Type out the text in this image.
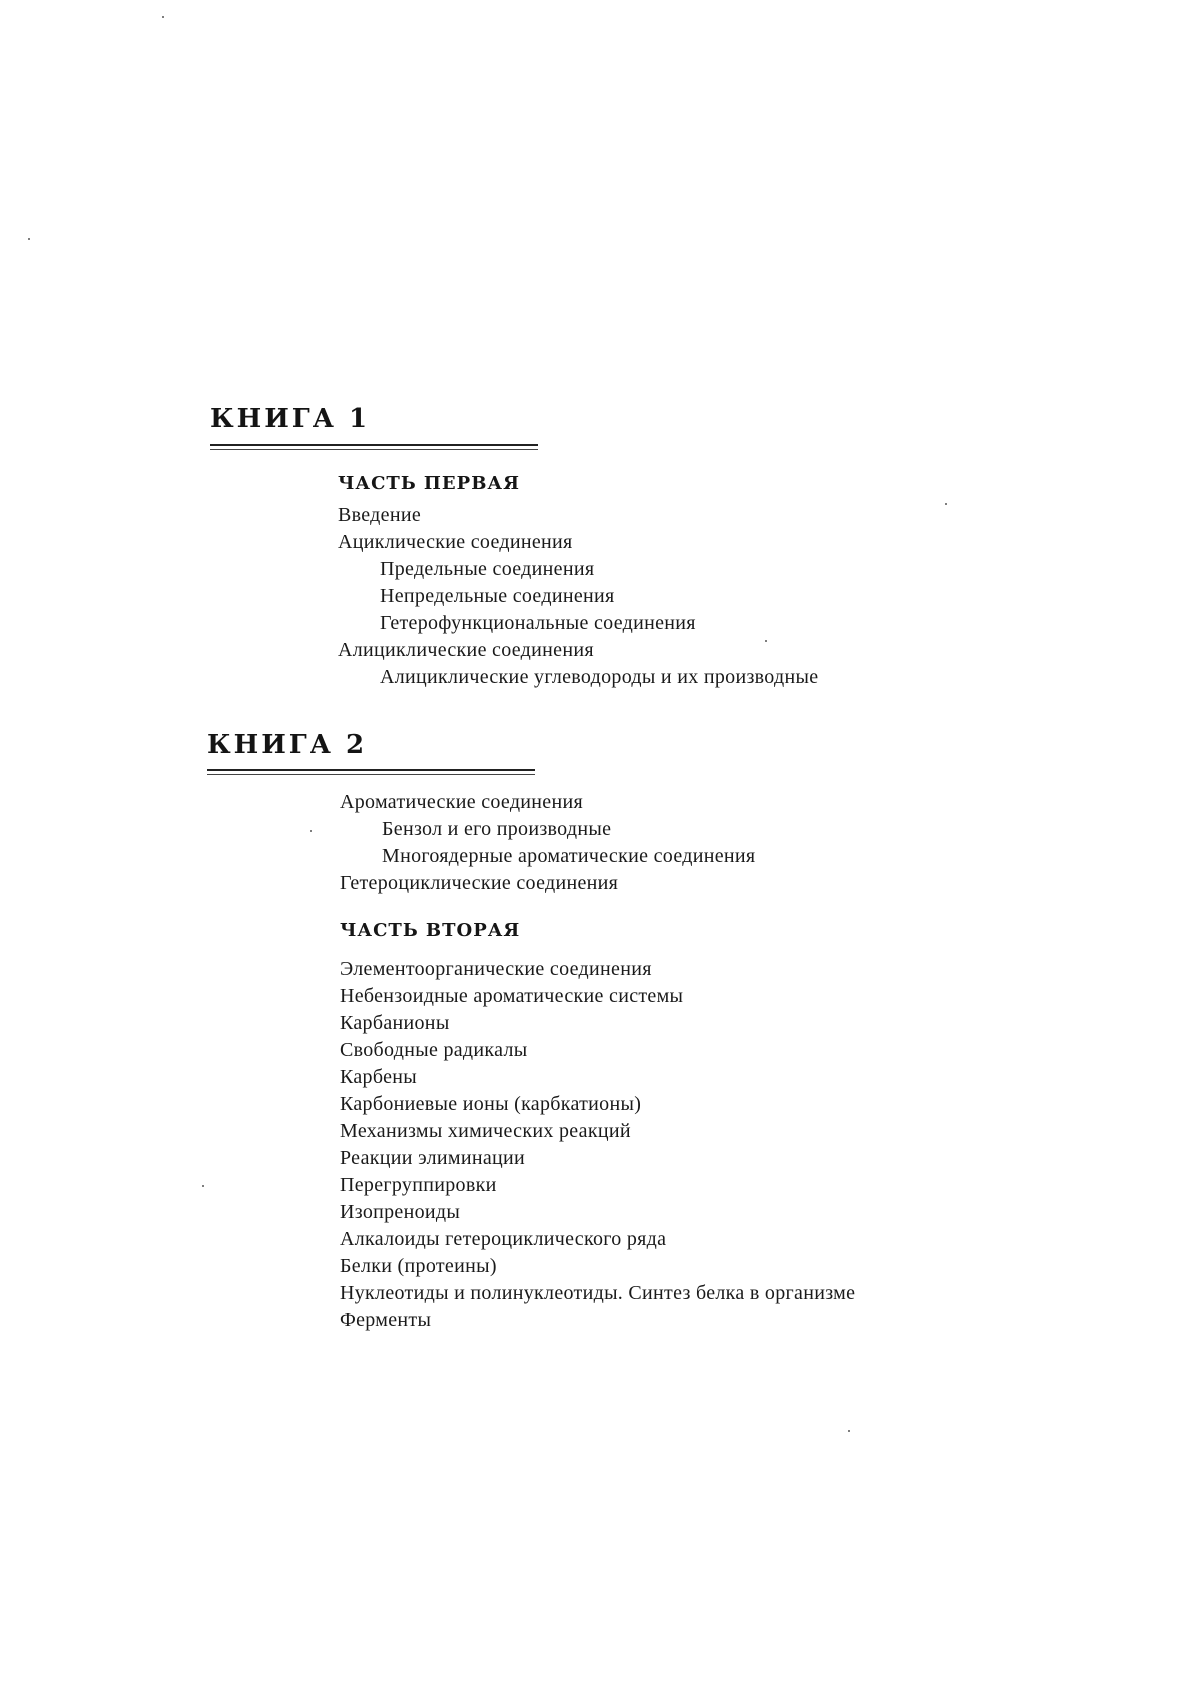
КНИГА 1
ЧАСТЬ ПЕРВАЯ
Введение
Ациклические соединения
Предельные соединения
Непредельные соединения
Гетерофункциональные соединения
Алициклические соединения
Алициклические углеводороды и их производные
КНИГА 2
Ароматические соединения
Бензол и его производные
Многоядерные ароматические соединения
Гетероциклические соединения
ЧАСТЬ ВТОРАЯ
Элементоорганические соединения
Небензоидные ароматические системы
Карбанионы
Свободные радикалы
Карбены
Карбониевые ионы (карбкатионы)
Механизмы химических реакций
Реакции элиминации
Перегруппировки
Изопреноиды
Алкалоиды гетероциклического ряда
Белки (протеины)
Нуклеотиды и полинуклеотиды. Синтез белка в организме
Ферменты
